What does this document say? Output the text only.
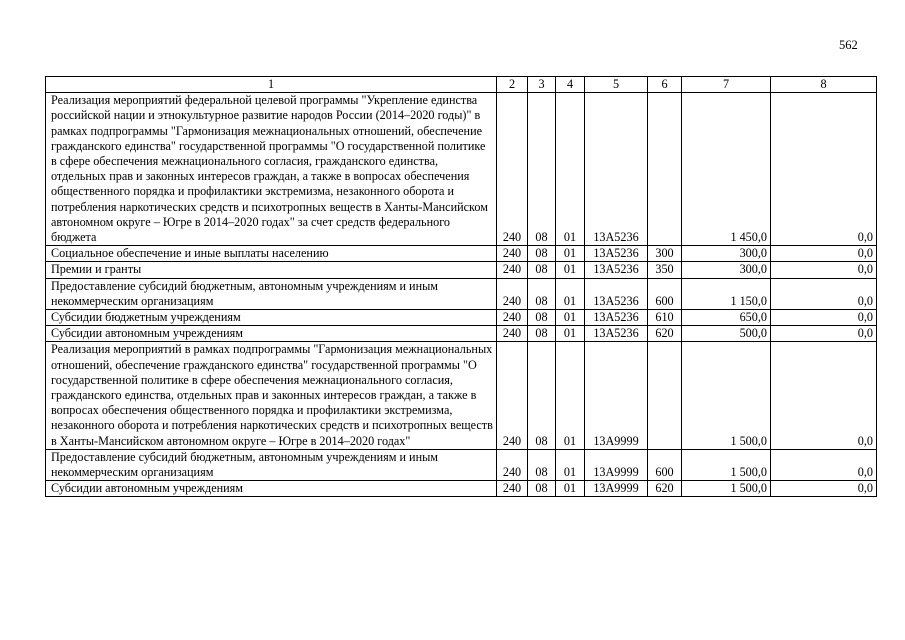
562
1	2	3	4	5	6	7	8
Реализация мероприятий федеральной целевой программы "Укрепление единства российской нации и этнокультурное развитие народов России (2014–2020 годы)" в рамках подпрограммы "Гармонизация межнациональных отношений, обеспечение гражданского единства" государственной программы "О государственной политике в сфере обеспечения межнационального согласия, гражданского единства, отдельных прав и законных интересов граждан, а также в вопросах обеспечения общественного порядка и профилактики экстремизма, незаконного оборота и потребления наркотических средств и психотропных веществ в Ханты-Мансийском автономном округе – Югре в 2014–2020 годах" за счет средств федерального бюджета	240	08	01	13А5236		1 450,0	0,0
Социальное обеспечение и иные выплаты населению	240	08	01	13А5236	300	300,0	0,0
Премии и гранты	240	08	01	13А5236	350	300,0	0,0
Предоставление субсидий бюджетным, автономным учреждениям и иным некоммерческим организациям	240	08	01	13А5236	600	1 150,0	0,0
Субсидии бюджетным учреждениям	240	08	01	13А5236	610	650,0	0,0
Субсидии автономным учреждениям	240	08	01	13А5236	620	500,0	0,0
Реализация мероприятий в рамках подпрограммы "Гармонизация межнациональных отношений, обеспечение гражданского единства" государственной программы "О государственной политике в сфере обеспечения межнационального согласия, гражданского единства, отдельных прав и законных интересов граждан, а также в вопросах обеспечения общественного порядка и профилактики экстремизма, незаконного оборота и потребления наркотических средств и психотропных веществ в Ханты-Мансийском автономном округе – Югре в 2014–2020 годах"	240	08	01	13А9999		1 500,0	0,0
Предоставление субсидий бюджетным, автономным учреждениям и иным некоммерческим организациям	240	08	01	13А9999	600	1 500,0	0,0
Субсидии автономным учреждениям	240	08	01	13А9999	620	1 500,0	0,0
